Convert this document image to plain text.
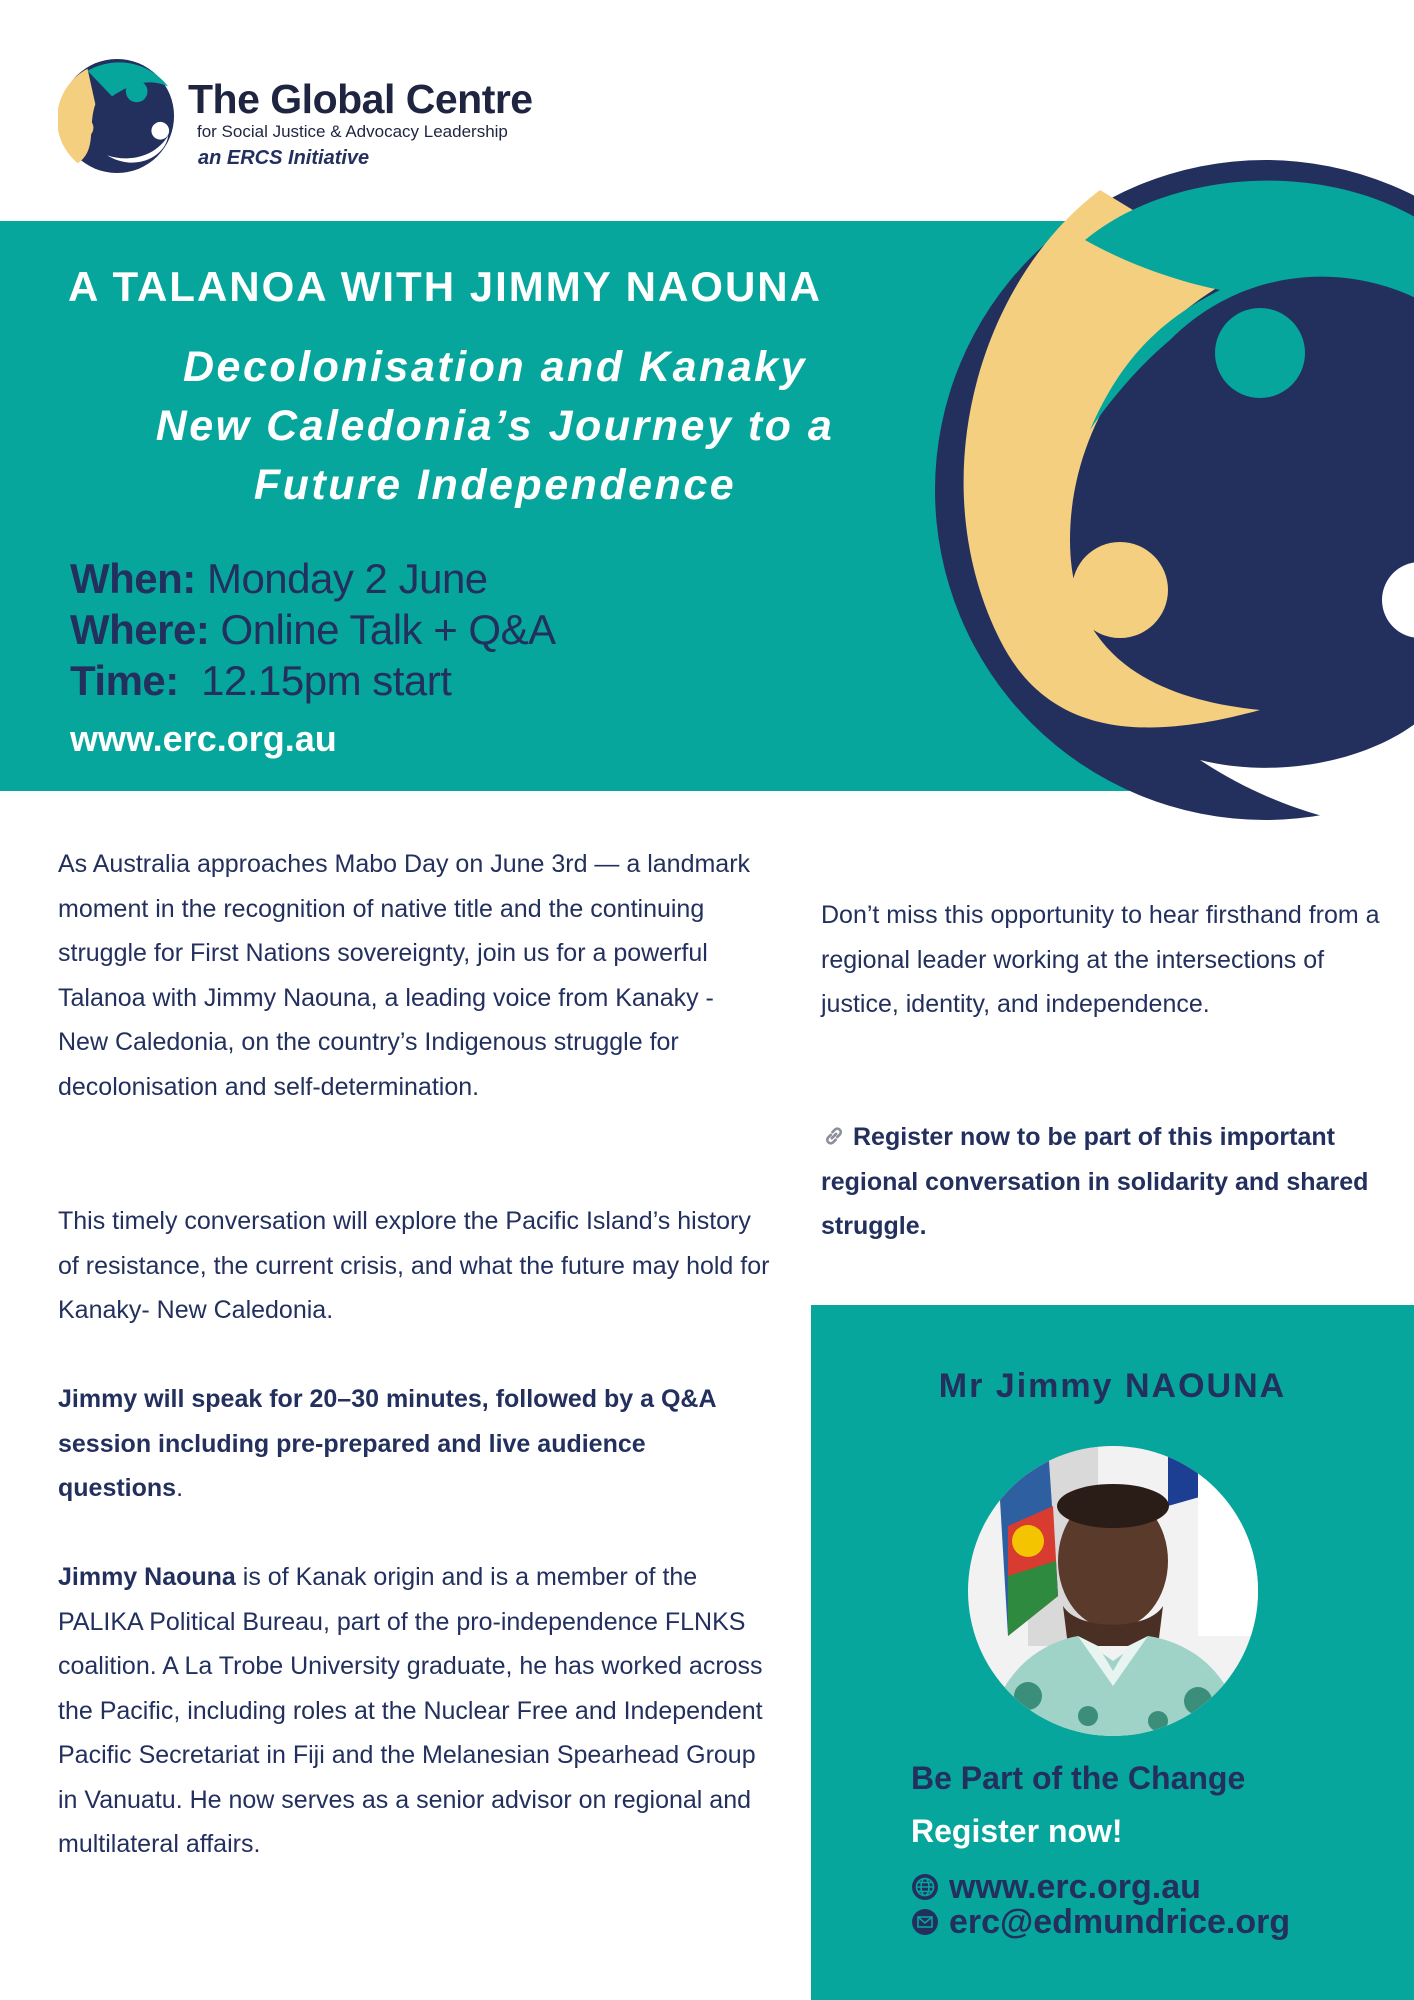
The Global Centre
for Social Justice & Advocacy Leadership
an ERCS Initiative
A TALANOA WITH JIMMY NAOUNA
Decolonisation and Kanaky
New Caledonia’s Journey to a
Future Independence
When: Monday 2 June
Where: Online Talk + Q&A
Time:  12.15pm start
www.erc.org.au
As Australia approaches Mabo Day on June 3rd — a landmark moment in the recognition of native title and the continuing struggle for First Nations sovereignty, join us for a powerful Talanoa with Jimmy Naouna, a leading voice from Kanaky - New Caledonia, on the country’s Indigenous struggle for decolonisation and self-determination.
This timely conversation will explore the Pacific Island’s history of resistance, the current crisis, and what the future may hold for Kanaky- New Caledonia.
Jimmy will speak for 20–30 minutes, followed by a Q&A session including pre-prepared and live audience questions.
Jimmy Naouna is of Kanak origin and is a member of the PALIKA Political Bureau, part of the pro-independence FLNKS coalition. A La Trobe University graduate, he has worked across the Pacific, including roles at the Nuclear Free and Independent Pacific Secretariat in Fiji and the Melanesian Spearhead Group in Vanuatu. He now serves as a senior advisor on regional and multilateral affairs.
Don’t miss this opportunity to hear firsthand from a regional leader working at the intersections of justice, identity, and independence.
Register now to be part of this important regional conversation in solidarity and shared struggle.
Mr Jimmy NAOUNA
Be Part of the Change
Register now!
www.erc.org.au
erc@edmundrice.org
